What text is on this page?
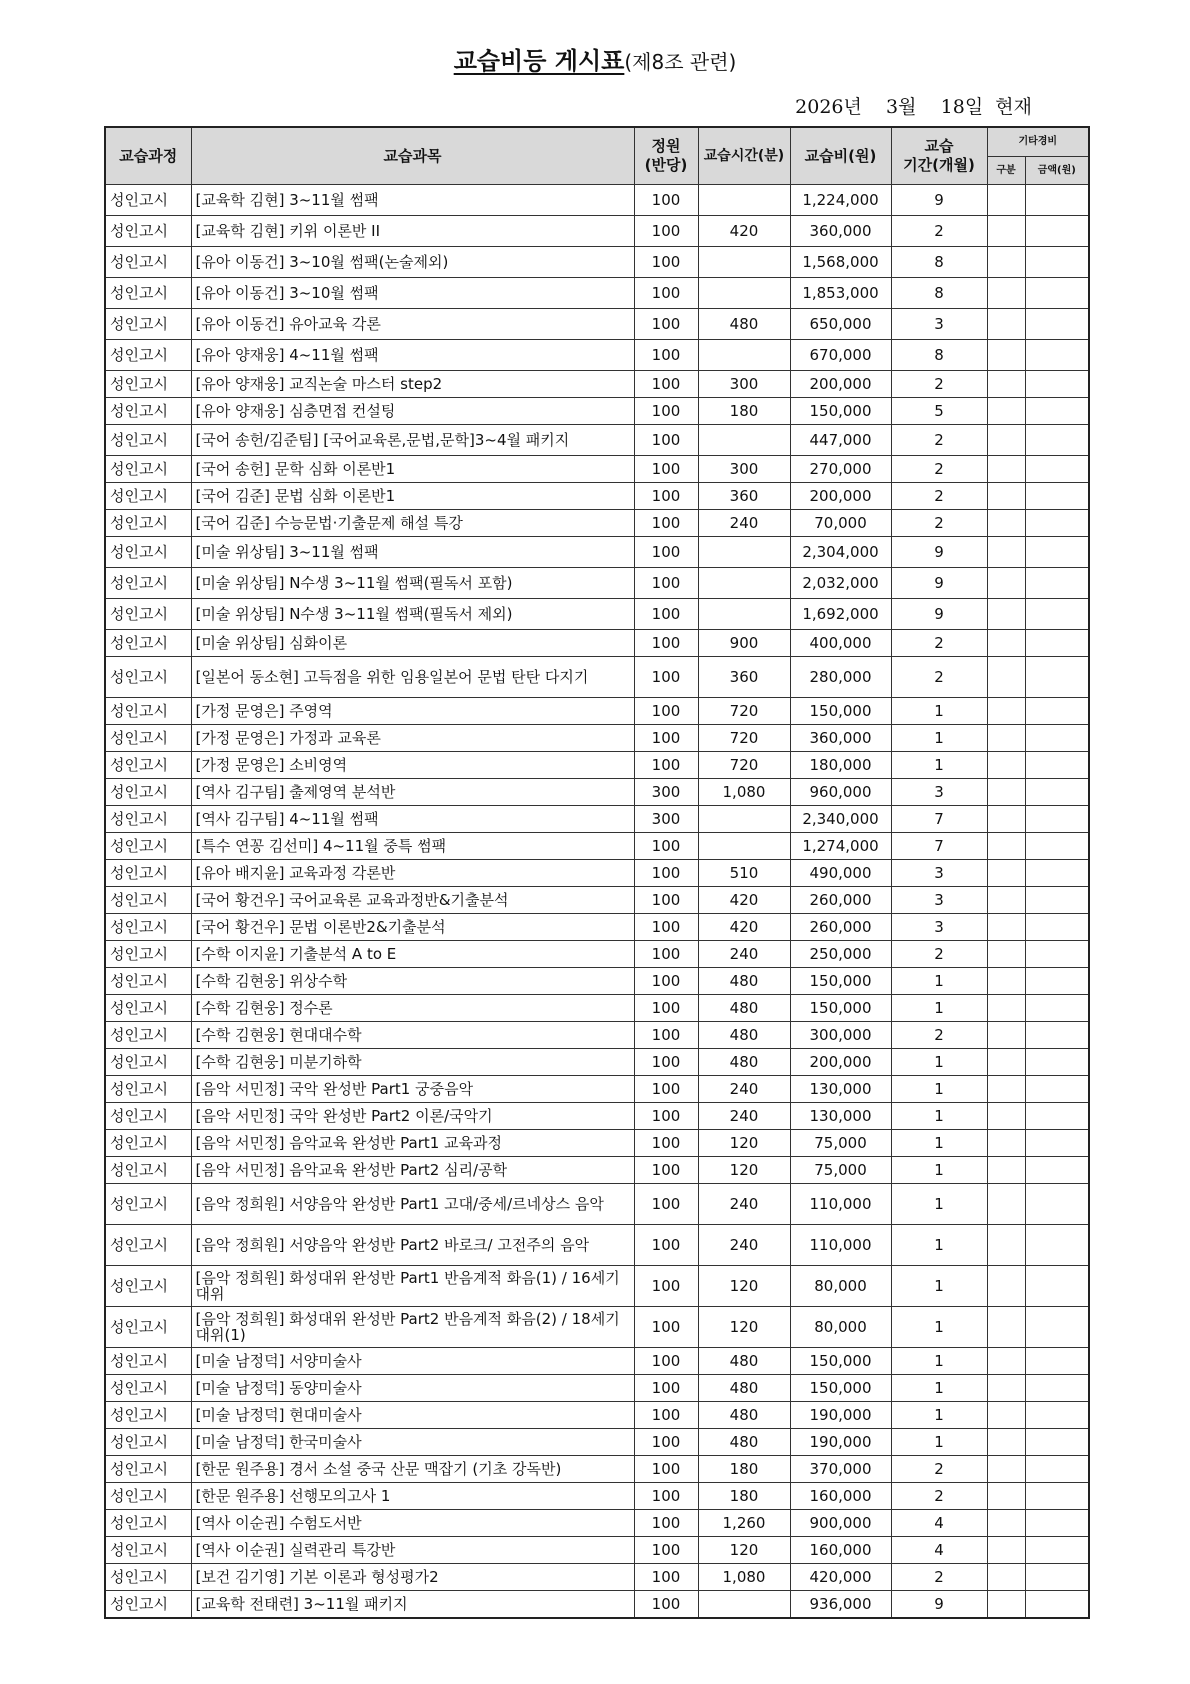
교습비등 게시표(제8조 관련)
2026년 3월 18일 현재
교습과정	교습과목	정원
(반당)	교습시간(분)	교습비(원)	교습
기간(개월)	기타경비	
						구분	금액(원)
성인고시	[교육학 김현] 3~11월 썸팩	100		1,224,000	9		
성인고시	[교육학 김현] 키위 이론반 II	100	420	360,000	2		
성인고시	[유아 이동건] 3~10월 썸팩(논술제외)	100		1,568,000	8		
성인고시	[유아 이동건] 3~10월 썸팩	100		1,853,000	8		
성인고시	[유아 이동건] 유아교육 각론	100	480	650,000	3		
성인고시	[유아 양재웅] 4~11월 썸팩	100		670,000	8		
성인고시	[유아 양재웅] 교직논술 마스터 step2	100	300	200,000	2		
성인고시	[유아 양재웅] 심층면접 컨설팅	100	180	150,000	5		
성인고시	[국어 송헌/김준팀] [국어교육론,문법,문학]3~4월 패키지	100		447,000	2		
성인고시	[국어 송헌] 문학 심화 이론반1	100	300	270,000	2		
성인고시	[국어 김준] 문법 심화 이론반1	100	360	200,000	2		
성인고시	[국어 김준] 수능문법·기출문제 해설 특강	100	240	70,000	2		
성인고시	[미술 위상팀] 3~11월 썸팩	100		2,304,000	9		
성인고시	[미술 위상팀] N수생 3~11월 썸팩(필독서 포함)	100		2,032,000	9		
성인고시	[미술 위상팀] N수생 3~11월 썸팩(필독서 제외)	100		1,692,000	9		
성인고시	[미술 위상팀] 심화이론	100	900	400,000	2		
성인고시	[일본어 동소현] 고득점을 위한 임용일본어 문법 탄탄 다지기	100	360	280,000	2		
성인고시	[가정 문영은] 주영역	100	720	150,000	1		
성인고시	[가정 문영은] 가정과 교육론	100	720	360,000	1		
성인고시	[가정 문영은] 소비영역	100	720	180,000	1		
성인고시	[역사 김구팀] 출제영역 분석반	300	1,080	960,000	3		
성인고시	[역사 김구팀] 4~11월 썸팩	300		2,340,000	7		
성인고시	[특수 연꽁 김선미] 4~11월 중특 썸팩	100		1,274,000	7		
성인고시	[유아 배지윤] 교육과정 각론반	100	510	490,000	3		
성인고시	[국어 황건우] 국어교육론 교육과정반&기출분석	100	420	260,000	3		
성인고시	[국어 황건우] 문법 이론반2&기출분석	100	420	260,000	3		
성인고시	[수학 이지윤] 기출분석 A to E	100	240	250,000	2		
성인고시	[수학 김현웅] 위상수학	100	480	150,000	1		
성인고시	[수학 김현웅] 정수론	100	480	150,000	1		
성인고시	[수학 김현웅] 현대대수학	100	480	300,000	2		
성인고시	[수학 김현웅] 미분기하학	100	480	200,000	1		
성인고시	[음악 서민정] 국악 완성반 Part1 궁중음악	100	240	130,000	1		
성인고시	[음악 서민정] 국악 완성반 Part2 이론/국악기	100	240	130,000	1		
성인고시	[음악 서민정] 음악교육 완성반 Part1 교육과정	100	120	75,000	1		
성인고시	[음악 서민정] 음악교육 완성반 Part2 심리/공학	100	120	75,000	1		
성인고시	[음악 정희원] 서양음악 완성반 Part1 고대/중세/르네상스 음악	100	240	110,000	1		
성인고시	[음악 정희원] 서양음악 완성반 Part2 바로크/ 고전주의 음악	100	240	110,000	1		
성인고시	[음악 정희원] 화성대위 완성반 Part1 반음계적 화음(1) / 16세기 대위	100	120	80,000	1		
성인고시	[음악 정희원] 화성대위 완성반 Part2 반음계적 화음(2) / 18세기 대위(1)	100	120	80,000	1		
성인고시	[미술 남정덕] 서양미술사	100	480	150,000	1		
성인고시	[미술 남정덕] 동양미술사	100	480	150,000	1		
성인고시	[미술 남정덕] 현대미술사	100	480	190,000	1		
성인고시	[미술 남정덕] 한국미술사	100	480	190,000	1		
성인고시	[한문 원주용] 경서 소설 중국 산문 맥잡기 (기초 강독반)	100	180	370,000	2		
성인고시	[한문 원주용] 선행모의고사 1	100	180	160,000	2		
성인고시	[역사 이순권] 수험도서반	100	1,260	900,000	4		
성인고시	[역사 이순권] 실력관리 특강반	100	120	160,000	4		
성인고시	[보건 김기영] 기본 이론과 형성평가2	100	1,080	420,000	2		
성인고시	[교육학 전태련] 3~11월 패키지	100		936,000	9		
